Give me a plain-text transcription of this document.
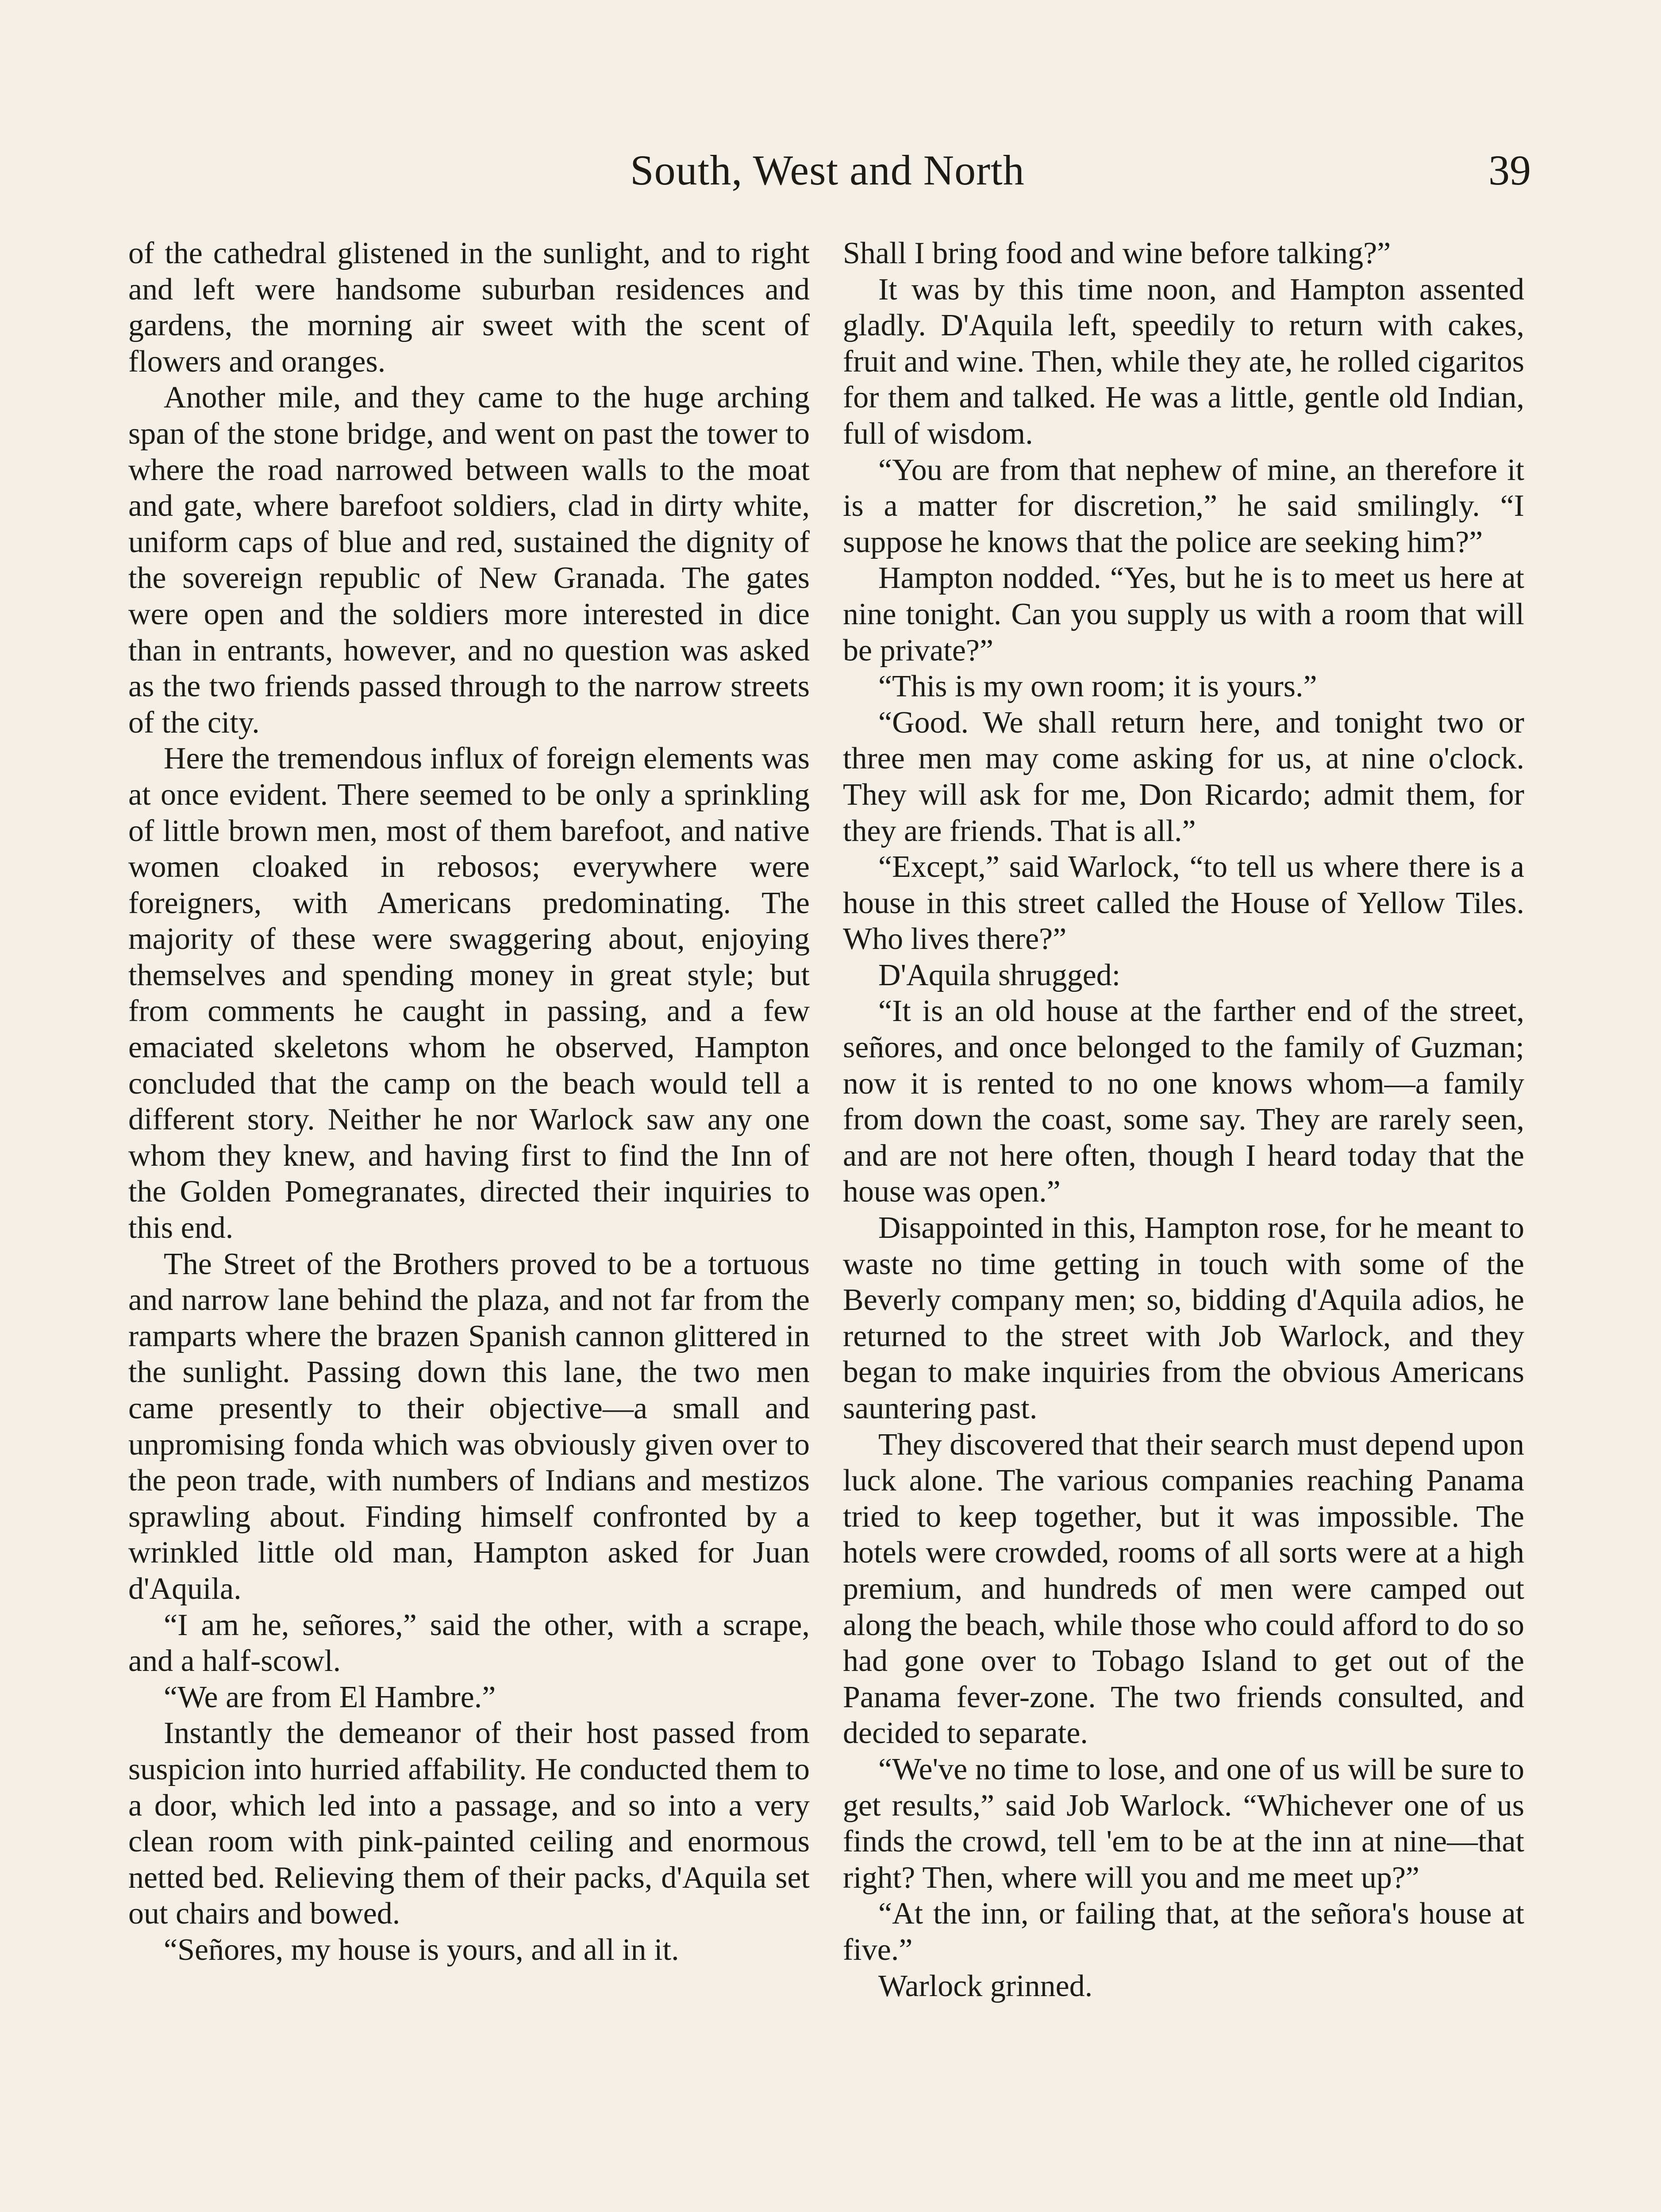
South, West and North	39

of the cathedral glistened in the sunlight, and to right and left were handsome suburban residences and gardens, the morning air sweet with the scent of flowers and oranges.

Another mile, and they came to the huge arching span of the stone bridge, and went on past the tower to where the road narrowed between walls to the moat and gate, where barefoot soldiers, clad in dirty white, uniform caps of blue and red, sustained the dignity of the sovereign republic of New Granada. The gates were open and the soldiers more interested in dice than in entrants, however, and no question was asked as the two friends passed through to the narrow streets of the city.

Here the tremendous influx of foreign elements was at once evident. There seemed to be only a sprinkling of little brown men, most of them barefoot, and native women cloaked in rebosos; everywhere were foreigners, with Americans predominating. The majority of these were swaggering about, enjoying themselves and spending money in great style; but from comments he caught in passing, and a few emaciated skeletons whom he observed, Hampton concluded that the camp on the beach would tell a different story. Neither he nor Warlock saw any one whom they knew, and having first to find the Inn of the Golden Pomegranates, directed their inquiries to this end.

The Street of the Brothers proved to be a tortuous and narrow lane behind the plaza, and not far from the ramparts where the brazen Spanish cannon glittered in the sunlight. Passing down this lane, the two men came presently to their objective—a small and unpromising fonda which was obviously given over to the peon trade, with numbers of Indians and mestizos sprawling about. Finding himself confronted by a wrinkled little old man, Hampton asked for Juan d'Aquila.

“I am he, señores,” said the other, with a scrape, and a half-scowl.

“We are from El Hambre.”

Instantly the demeanor of their host passed from suspicion into hurried affability. He conducted them to a door, which led into a passage, and so into a very clean room with pink-painted ceiling and enormous netted bed. Relieving them of their packs, d'Aquila set out chairs and bowed.

“Señores, my house is yours, and all in it.

Shall I bring food and wine before talking?”

It was by this time noon, and Hampton assented gladly. D'Aquila left, speedily to return with cakes, fruit and wine. Then, while they ate, he rolled cigaritos for them and talked. He was a little, gentle old Indian, full of wisdom.

“You are from that nephew of mine, an therefore it is a matter for discretion,” he said smilingly. “I suppose he knows that the police are seeking him?”

Hampton nodded. “Yes, but he is to meet us here at nine tonight. Can you supply us with a room that will be private?”

“This is my own room; it is yours.”

“Good. We shall return here, and tonight two or three men may come asking for us, at nine o'clock. They will ask for me, Don Ricardo; admit them, for they are friends. That is all.”

“Except,” said Warlock, “to tell us where there is a house in this street called the House of Yellow Tiles. Who lives there?”

D'Aquila shrugged:

“It is an old house at the farther end of the street, señores, and once belonged to the family of Guzman; now it is rented to no one knows whom—a family from down the coast, some say. They are rarely seen, and are not here often, though I heard today that the house was open.”

Disappointed in this, Hampton rose, for he meant to waste no time getting in touch with some of the Beverly company men; so, bidding d'Aquila adios, he returned to the street with Job Warlock, and they began to make inquiries from the obvious Americans sauntering past.

They discovered that their search must depend upon luck alone. The various companies reaching Panama tried to keep together, but it was impossible. The hotels were crowded, rooms of all sorts were at a high premium, and hundreds of men were camped out along the beach, while those who could afford to do so had gone over to Tobago Island to get out of the Panama fever-zone. The two friends consulted, and decided to separate.

“We've no time to lose, and one of us will be sure to get results,” said Job Warlock. “Whichever one of us finds the crowd, tell 'em to be at the inn at nine—that right? Then, where will you and me meet up?”

“At the inn, or failing that, at the señora's house at five.”

Warlock grinned.
